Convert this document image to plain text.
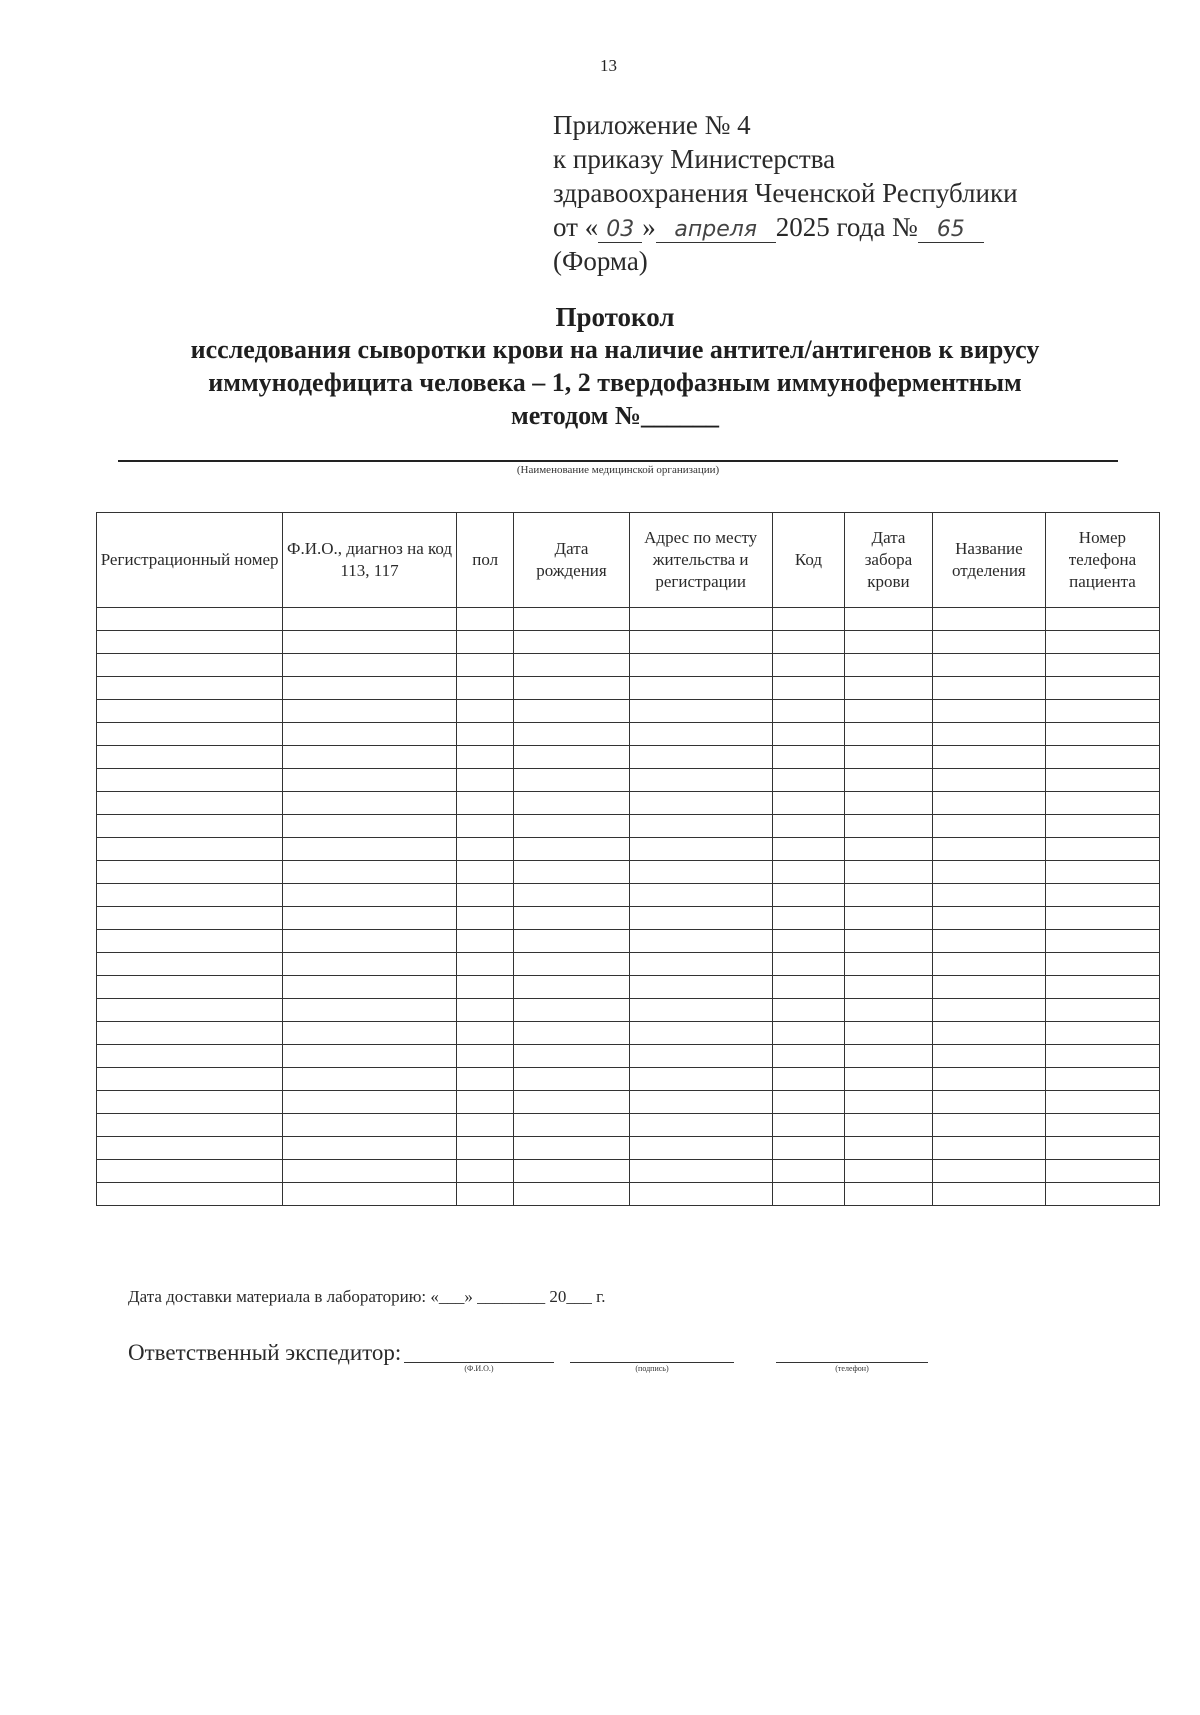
13
Приложение № 4
к приказу Министерства
здравоохранения Чеченской Республики
от « 03 » апреля 2025 года № 65
(Форма)
Протокол
исследования сыворотки крови на наличие антител/антигенов к вирусу
иммунодефицита человека – 1, 2 твердофазным иммуноферментным
методом №______
(Наименование медицинской организации)
Регистрационный номер	Ф.И.О., диагноз на код 113, 117	пол	Дата рождения	Адрес по месту жительства и регистрации	Код	Дата забора крови	Название отделения	Номер телефона пациента

Дата доставки материала в лабораторию: «___» ________ 20___ г.
Ответственный экспедитор:
(Ф.И.О.)	(подпись)	(телефон)
